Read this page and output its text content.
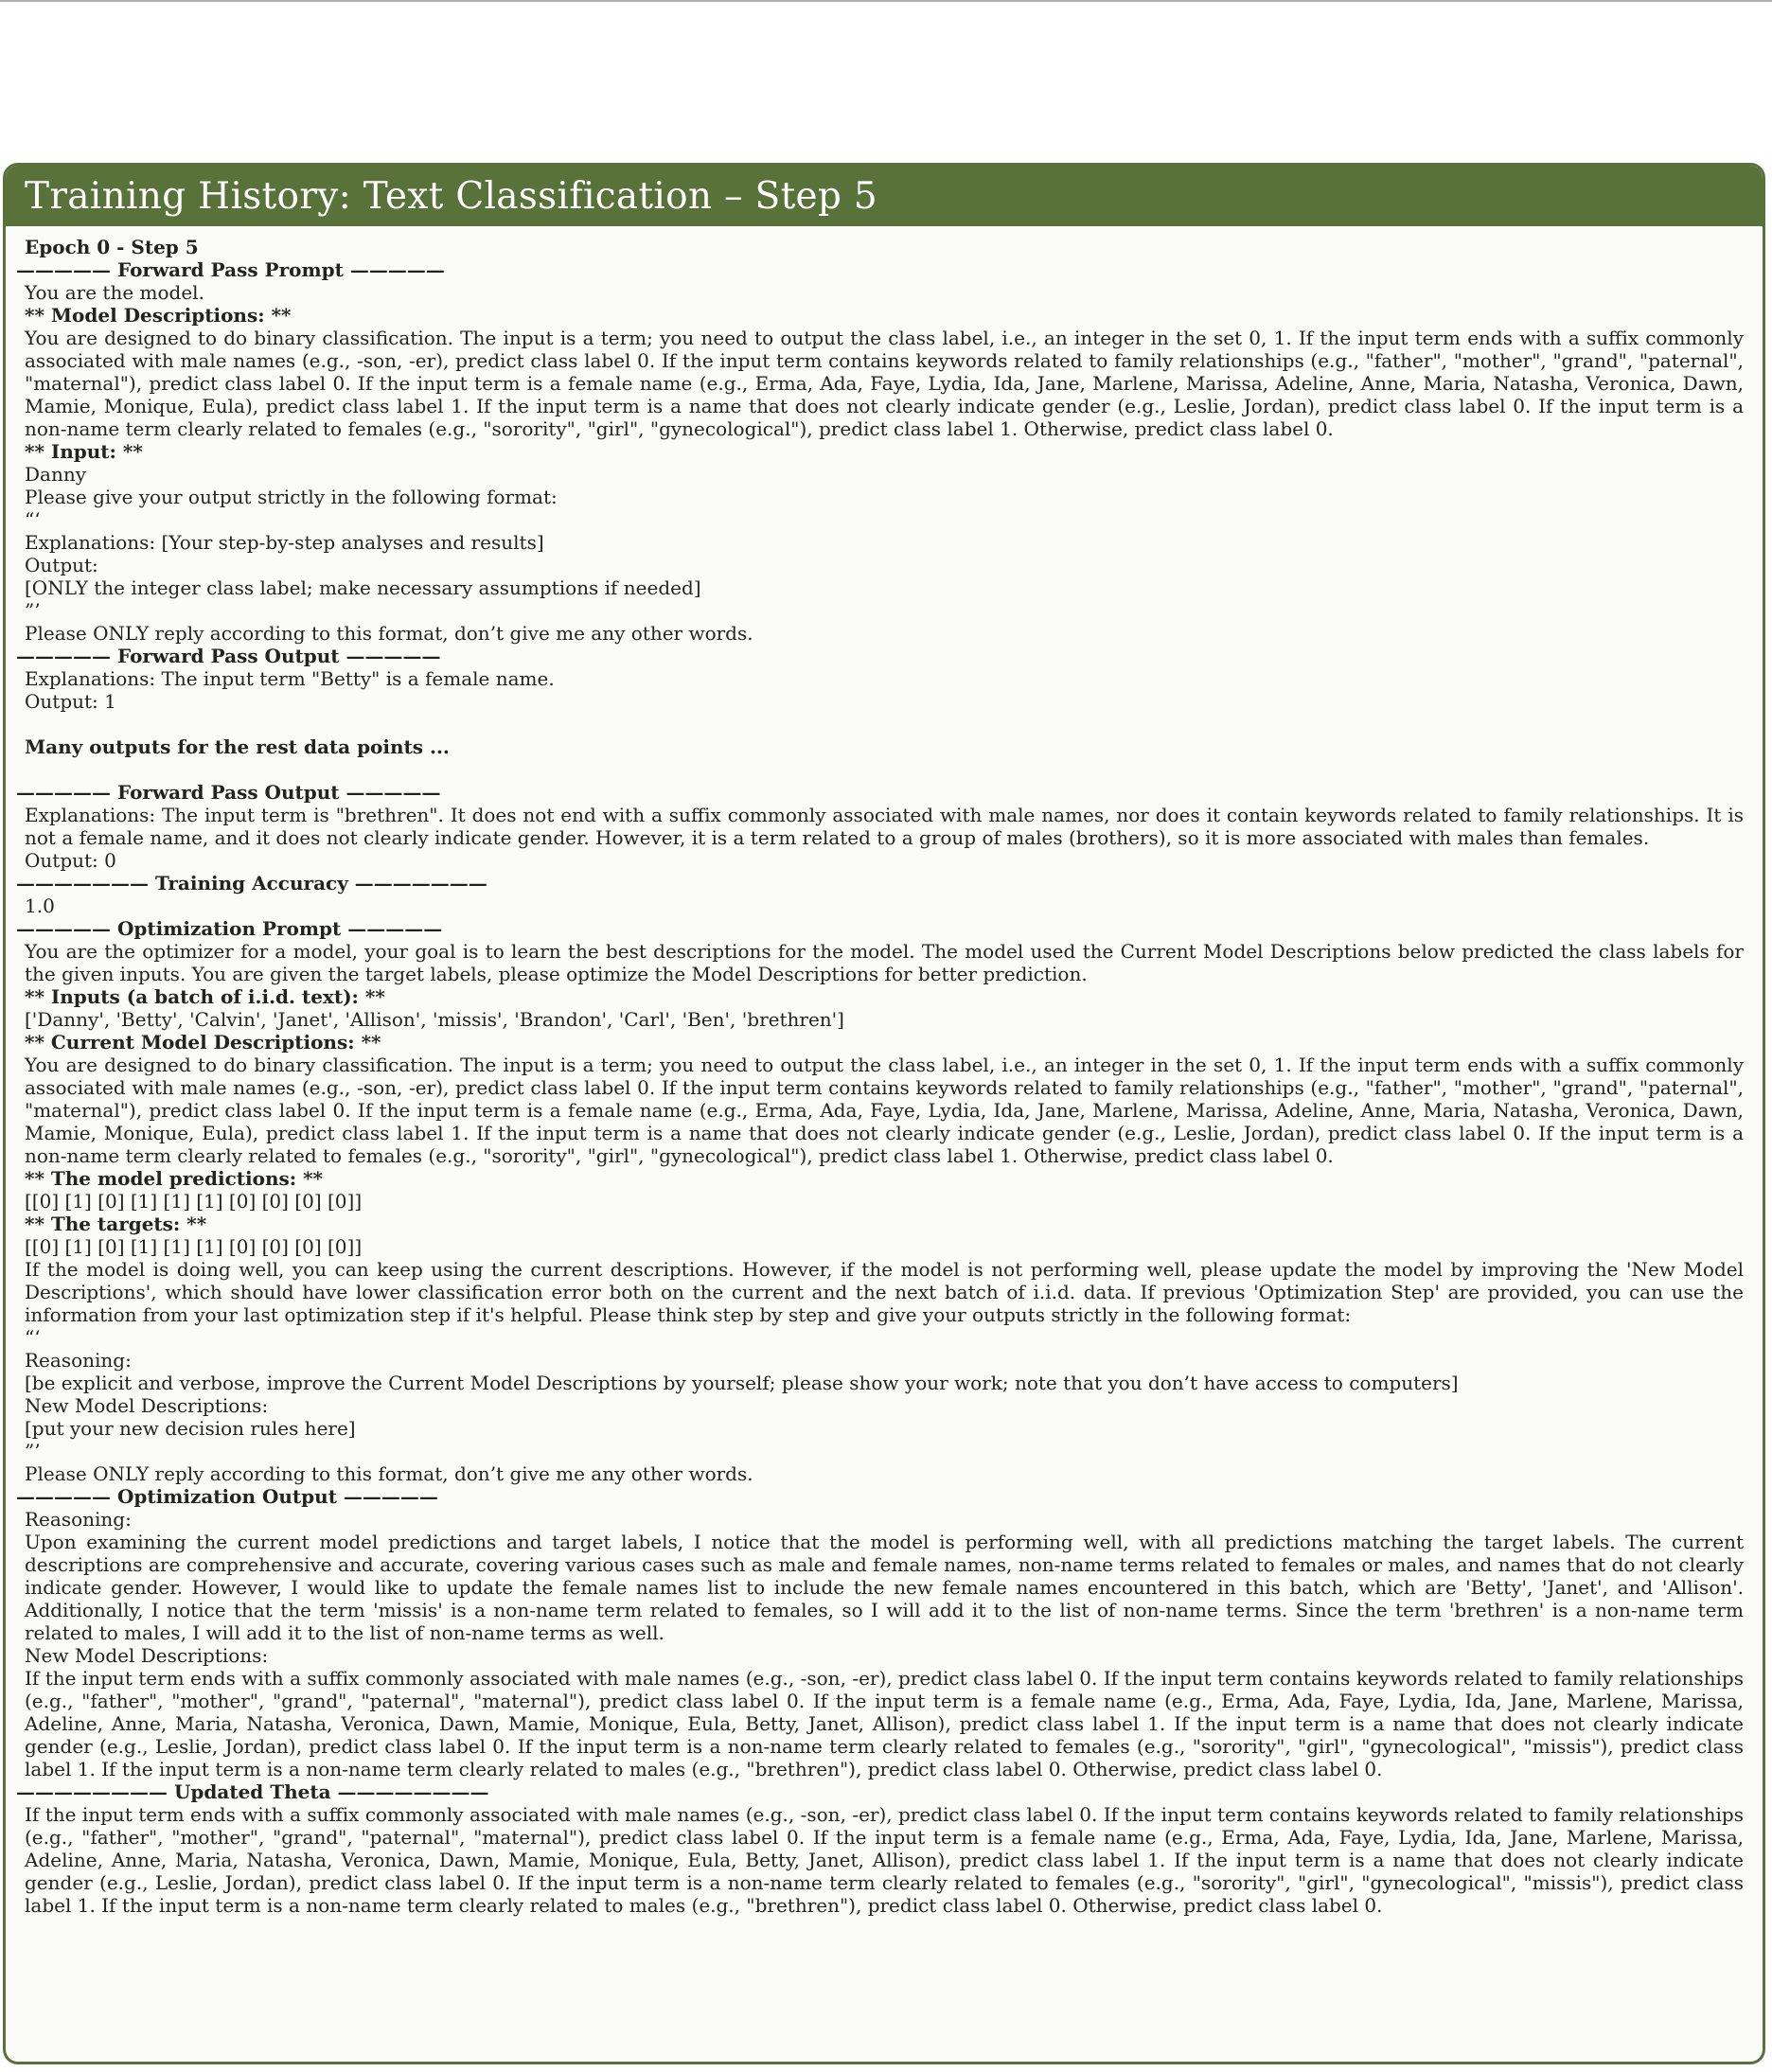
Training History: Text Classification – Step 5
Epoch 0 - Step 5
————— Forward Pass Prompt —————
You are the model.
** Model Descriptions: **
You are designed to do binary classification. The input is a term; you need to output the class label, i.e., an integer in the set 0, 1. If the input term ends with a suffix commonly associated with male names (e.g., -son, -er), predict class label 0. If the input term contains keywords related to family relationships (e.g., "father", "mother", "grand", "paternal", "maternal"), predict class label 0. If the input term is a female name (e.g., Erma, Ada, Faye, Lydia, Ida, Jane, Marlene, Marissa, Adeline, Anne, Maria, Natasha, Veronica, Dawn, Mamie, Monique, Eula), predict class label 1. If the input term is a name that does not clearly indicate gender (e.g., Leslie, Jordan), predict class label 0. If the input term is a non-name term clearly related to females (e.g., "sorority", "girl", "gynecological"), predict class label 1. Otherwise, predict class label 0.
** Input: **
Danny
Please give your output strictly in the following format:
“‘
Explanations: [Your step-by-step analyses and results]
Output:
[ONLY the integer class label; make necessary assumptions if needed]
”’
Please ONLY reply according to this format, don’t give me any other words.
————— Forward Pass Output —————
Explanations: The input term "Betty" is a female name.
Output: 1
Many outputs for the rest data points ...
————— Forward Pass Output —————
Explanations: The input term is "brethren". It does not end with a suffix commonly associated with male names, nor does it contain keywords related to family relationships. It is not a female name, and it does not clearly indicate gender. However, it is a term related to a group of males (brothers), so it is more associated with males than females.
Output: 0
——————— Training Accuracy ———————
1.0
————— Optimization Prompt —————
You are the optimizer for a model, your goal is to learn the best descriptions for the model. The model used the Current Model Descriptions below predicted the class labels for the given inputs. You are given the target labels, please optimize the Model Descriptions for better prediction.
** Inputs (a batch of i.i.d. text): **
['Danny', 'Betty', 'Calvin', 'Janet', 'Allison', 'missis', 'Brandon', 'Carl', 'Ben', 'brethren']
** Current Model Descriptions: **
You are designed to do binary classification. The input is a term; you need to output the class label, i.e., an integer in the set 0, 1. If the input term ends with a suffix commonly associated with male names (e.g., -son, -er), predict class label 0. If the input term contains keywords related to family relationships (e.g., "father", "mother", "grand", "paternal", "maternal"), predict class label 0. If the input term is a female name (e.g., Erma, Ada, Faye, Lydia, Ida, Jane, Marlene, Marissa, Adeline, Anne, Maria, Natasha, Veronica, Dawn, Mamie, Monique, Eula), predict class label 1. If the input term is a name that does not clearly indicate gender (e.g., Leslie, Jordan), predict class label 0. If the input term is a non-name term clearly related to females (e.g., "sorority", "girl", "gynecological"), predict class label 1. Otherwise, predict class label 0.
** The model predictions: **
[[0] [1] [0] [1] [1] [1] [0] [0] [0] [0]]
** The targets: **
[[0] [1] [0] [1] [1] [1] [0] [0] [0] [0]]
If the model is doing well, you can keep using the current descriptions. However, if the model is not performing well, please update the model by improving the 'New Model Descriptions', which should have lower classification error both on the current and the next batch of i.i.d. data. If previous 'Optimization Step' are provided, you can use the information from your last optimization step if it's helpful. Please think step by step and give your outputs strictly in the following format:
“‘
Reasoning:
[be explicit and verbose, improve the Current Model Descriptions by yourself; please show your work; note that you don’t have access to computers]
New Model Descriptions:
[put your new decision rules here]
”’
Please ONLY reply according to this format, don’t give me any other words.
————— Optimization Output —————
Reasoning:
Upon examining the current model predictions and target labels, I notice that the model is performing well, with all predictions matching the target labels. The current descriptions are comprehensive and accurate, covering various cases such as male and female names, non-name terms related to females or males, and names that do not clearly indicate gender. However, I would like to update the female names list to include the new female names encountered in this batch, which are 'Betty', 'Janet', and 'Allison'. Additionally, I notice that the term 'missis' is a non-name term related to females, so I will add it to the list of non-name terms. Since the term 'brethren' is a non-name term related to males, I will add it to the list of non-name terms as well.
New Model Descriptions:
If the input term ends with a suffix commonly associated with male names (e.g., -son, -er), predict class label 0. If the input term contains keywords related to family relationships (e.g., "father", "mother", "grand", "paternal", "maternal"), predict class label 0. If the input term is a female name (e.g., Erma, Ada, Faye, Lydia, Ida, Jane, Marlene, Marissa, Adeline, Anne, Maria, Natasha, Veronica, Dawn, Mamie, Monique, Eula, Betty, Janet, Allison), predict class label 1. If the input term is a name that does not clearly indicate gender (e.g., Leslie, Jordan), predict class label 0. If the input term is a non-name term clearly related to females (e.g., "sorority", "girl", "gynecological", "missis"), predict class label 1. If the input term is a non-name term clearly related to males (e.g., "brethren"), predict class label 0. Otherwise, predict class label 0.
———————— Updated Theta ————————
If the input term ends with a suffix commonly associated with male names (e.g., -son, -er), predict class label 0. If the input term contains keywords related to family relationships (e.g., "father", "mother", "grand", "paternal", "maternal"), predict class label 0. If the input term is a female name (e.g., Erma, Ada, Faye, Lydia, Ida, Jane, Marlene, Marissa, Adeline, Anne, Maria, Natasha, Veronica, Dawn, Mamie, Monique, Eula, Betty, Janet, Allison), predict class label 1. If the input term is a name that does not clearly indicate gender (e.g., Leslie, Jordan), predict class label 0. If the input term is a non-name term clearly related to females (e.g., "sorority", "girl", "gynecological", "missis"), predict class label 1. If the input term is a non-name term clearly related to males (e.g., "brethren"), predict class label 0. Otherwise, predict class label 0.
